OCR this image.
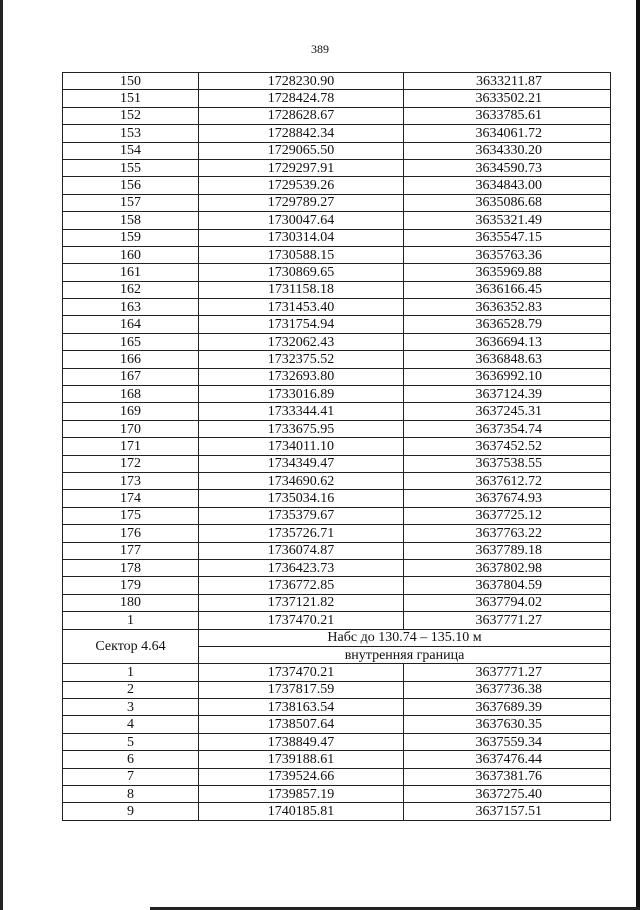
389
150	1728230.90	3633211.87
151	1728424.78	3633502.21
152	1728628.67	3633785.61
153	1728842.34	3634061.72
154	1729065.50	3634330.20
155	1729297.91	3634590.73
156	1729539.26	3634843.00
157	1729789.27	3635086.68
158	1730047.64	3635321.49
159	1730314.04	3635547.15
160	1730588.15	3635763.36
161	1730869.65	3635969.88
162	1731158.18	3636166.45
163	1731453.40	3636352.83
164	1731754.94	3636528.79
165	1732062.43	3636694.13
166	1732375.52	3636848.63
167	1732693.80	3636992.10
168	1733016.89	3637124.39
169	1733344.41	3637245.31
170	1733675.95	3637354.74
171	1734011.10	3637452.52
172	1734349.47	3637538.55
173	1734690.62	3637612.72
174	1735034.16	3637674.93
175	1735379.67	3637725.12
176	1735726.71	3637763.22
177	1736074.87	3637789.18
178	1736423.73	3637802.98
179	1736772.85	3637804.59
180	1737121.82	3637794.02
1	1737470.21	3637771.27
Сектор 4.64	Набс до 130.74 – 135.10 м	
	внутренняя граница	
1	1737470.21	3637771.27
2	1737817.59	3637736.38
3	1738163.54	3637689.39
4	1738507.64	3637630.35
5	1738849.47	3637559.34
6	1739188.61	3637476.44
7	1739524.66	3637381.76
8	1739857.19	3637275.40
9	1740185.81	3637157.51
